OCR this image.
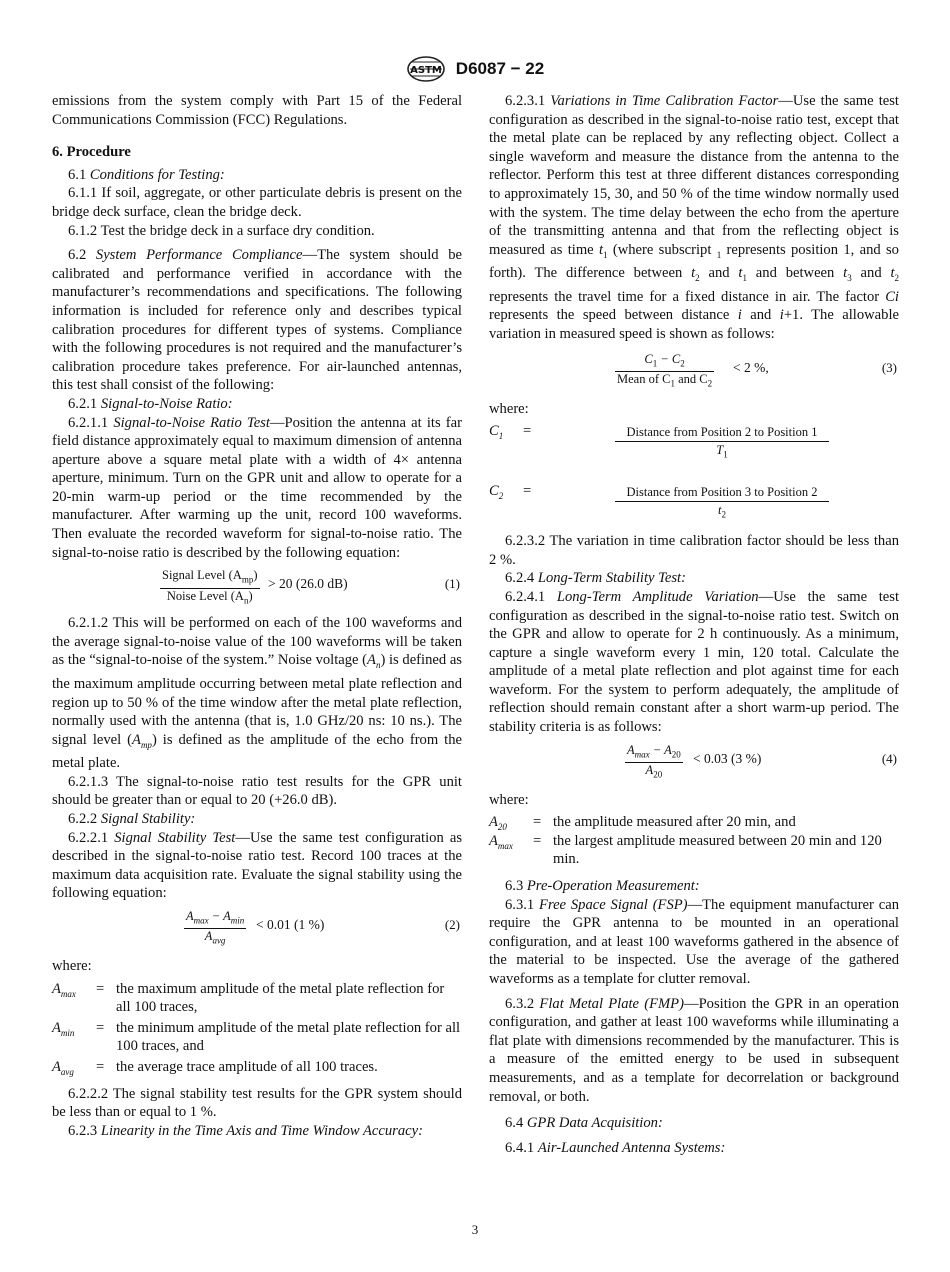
ASTM D6087 − 22

emissions from the system comply with Part 15 of the Federal Communications Commission (FCC) Regulations.

6. Procedure

6.1 Conditions for Testing:

6.1.1 If soil, aggregate, or other particulate debris is present on the bridge deck surface, clean the bridge deck.

6.1.2 Test the bridge deck in a surface dry condition.

6.2 System Performance Compliance—The system should be calibrated and performance verified in accordance with the manufacturer’s recommendations and specifications. The following information is included for reference only and describes typical calibration procedures for different types of systems. Compliance with the following procedures is not required and the manufacturer’s calibration procedure takes preference. For air-launched antennas, this test shall consist of the following:

6.2.1 Signal-to-Noise Ratio:

6.2.1.1 Signal-to-Noise Ratio Test—Position the antenna at its far field distance approximately equal to maximum dimension of antenna aperture above a square metal plate with a width of 4× antenna aperture, minimum. Turn on the GPR unit and allow to operate for a 20-min warm-up period or the time recommended by the manufacturer. After warming up the unit, record 100 waveforms. Then evaluate the recorded waveform for signal-to-noise ratio. The signal-to-noise ratio is described by the following equation:

Signal Level $(A_{mp})$
Noise Level $(A_n)$
> 20 (26.0 dB)	(1)

6.2.1.2 This will be performed on each of the 100 waveforms and the average signal-to-noise value of the 100 waveforms will be taken as the “signal-to-noise of the system.” Noise voltage $(A_n)$ is defined as the maximum amplitude occurring between metal plate reflection and region up to 50 % of the time window after the metal plate reflection, normally used with the antenna (that is, 1.0 GHz/20 ns: 10 ns.). The signal level $(A_{mp})$ is defined as the amplitude of the echo from the metal plate.

6.2.1.3 The signal-to-noise ratio test results for the GPR unit should be greater than or equal to 20 (+26.0 dB).

6.2.2 Signal Stability:

6.2.2.1 Signal Stability Test—Use the same test configuration as described in the signal-to-noise ratio test. Record 100 traces at the maximum data acquisition rate. Evaluate the signal stability using the following equation:

$A_{max} - A_{min}$
$A_{avg}$
< 0.01 (1 %)	(2)

where:

$A_{max}$ = the maximum amplitude of the metal plate reflection for all 100 traces,
$A_{min}$ = the minimum amplitude of the metal plate reflection for all 100 traces, and
$A_{avg}$ = the average trace amplitude of all 100 traces.

6.2.2.2 The signal stability test results for the GPR system should be less than or equal to 1 %.

6.2.3 Linearity in the Time Axis and Time Window Accuracy:

6.2.3.1 Variations in Time Calibration Factor—Use the same test configuration as described in the signal-to-noise ratio test, except that the metal plate can be replaced by any reflecting object. Collect a single waveform and measure the distance from the antenna to the reflector. Perform this test at three different distances corresponding to approximately 15, 30, and 50 % of the time window normally used with the system. The time delay between the echo from the aperture of the transmitting antenna and that from the reflecting object is measured as time $t_1$ (where subscript $_1$ represents position 1, and so forth). The difference between $t_2$ and $t_1$ and between $t_3$ and $t_2$ represents the travel time for a fixed distance in air. The factor Ci represents the speed between distance i and i+1. The allowable variation in measured speed is shown as follows:

$C_1 - C_2$
Mean of $C_1$ and $C_2$
< 2 %,	(3)

where:

$C_1$ =	Distance from Position 2 to Position 1
$T_1$
$C_2$ =	Distance from Position 3 to Position 2
$t_2$

6.2.3.2 The variation in time calibration factor should be less than 2 %.

6.2.4 Long-Term Stability Test:

6.2.4.1 Long-Term Amplitude Variation—Use the same test configuration as described in the signal-to-noise ratio test. Switch on the GPR and allow to operate for 2 h continuously. As a minimum, capture a single waveform every 1 min, 120 total. Calculate the amplitude of a metal plate reflection and plot against time for each waveform. For the system to perform adequately, the amplitude of reflection should remain constant after a short warm-up period. The stability criteria is as follows:

$A_{max} - A_{20}$
$A_{20}$
< 0.03 (3 %)	(4)

where:

$A_{20}$ = the amplitude measured after 20 min, and
$A_{max}$ = the largest amplitude measured between 20 min and 120 min.

6.3 Pre-Operation Measurement:

6.3.1 Free Space Signal (FSP)—The equipment manufacturer can require the GPR antenna to be mounted in an operational configuration, and at least 100 waveforms gathered in the absence of the material to be inspected. Use the average of the gathered waveforms as a template for clutter removal.

6.3.2 Flat Metal Plate (FMP)—Position the GPR in an operation configuration, and gather at least 100 waveforms while illuminating a flat plate with dimensions recommended by the manufacturer. This is a measure of the emitted energy to be used in subsequent measurements, and as a template for decorrelation or background removal, or both.

6.4 GPR Data Acquisition:

6.4.1 Air-Launched Antenna Systems:

3
